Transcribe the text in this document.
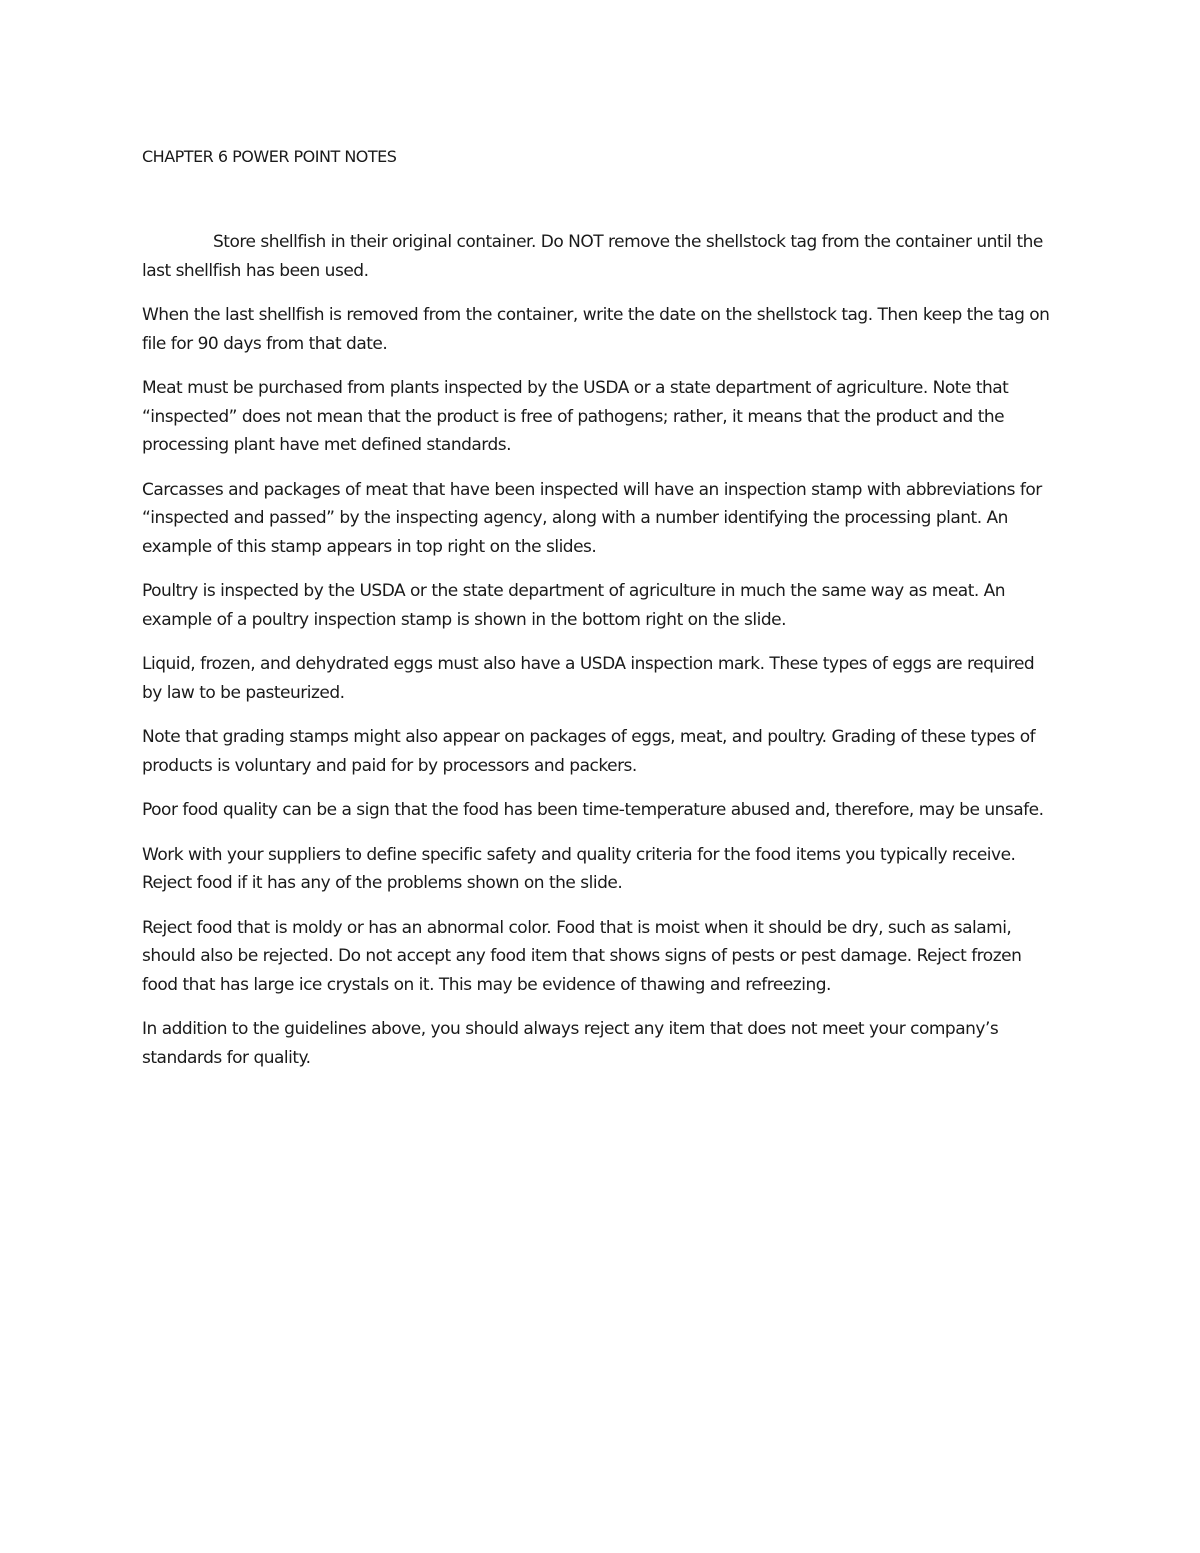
CHAPTER 6 POWER POINT NOTES

Store shellfish in their original container. Do NOT remove the shellstock tag from the container until the last shellfish has been used.

When the last shellfish is removed from the container, write the date on the shellstock tag. Then keep the tag on file for 90 days from that date.

Meat must be purchased from plants inspected by the USDA or a state department of agriculture. Note that “inspected” does not mean that the product is free of pathogens; rather, it means that the product and the processing plant have met defined standards.

Carcasses and packages of meat that have been inspected will have an inspection stamp with abbreviations for “inspected and passed” by the inspecting agency, along with a number identifying the processing plant. An example of this stamp appears in top right on the slides.

Poultry is inspected by the USDA or the state department of agriculture in much the same way as meat. An example of a poultry inspection stamp is shown in the bottom right on the slide.

Liquid, frozen, and dehydrated eggs must also have a USDA inspection mark. These types of eggs are required by law to be pasteurized.

Note that grading stamps might also appear on packages of eggs, meat, and poultry. Grading of these types of products is voluntary and paid for by processors and packers.

Poor food quality can be a sign that the food has been time-temperature abused and, therefore, may be unsafe.

Work with your suppliers to define specific safety and quality criteria for the food items you typically receive. Reject food if it has any of the problems shown on the slide.

Reject food that is moldy or has an abnormal color. Food that is moist when it should be dry, such as salami, should also be rejected. Do not accept any food item that shows signs of pests or pest damage. Reject frozen food that has large ice crystals on it. This may be evidence of thawing and refreezing.

In addition to the guidelines above, you should always reject any item that does not meet your company’s standards for quality.
